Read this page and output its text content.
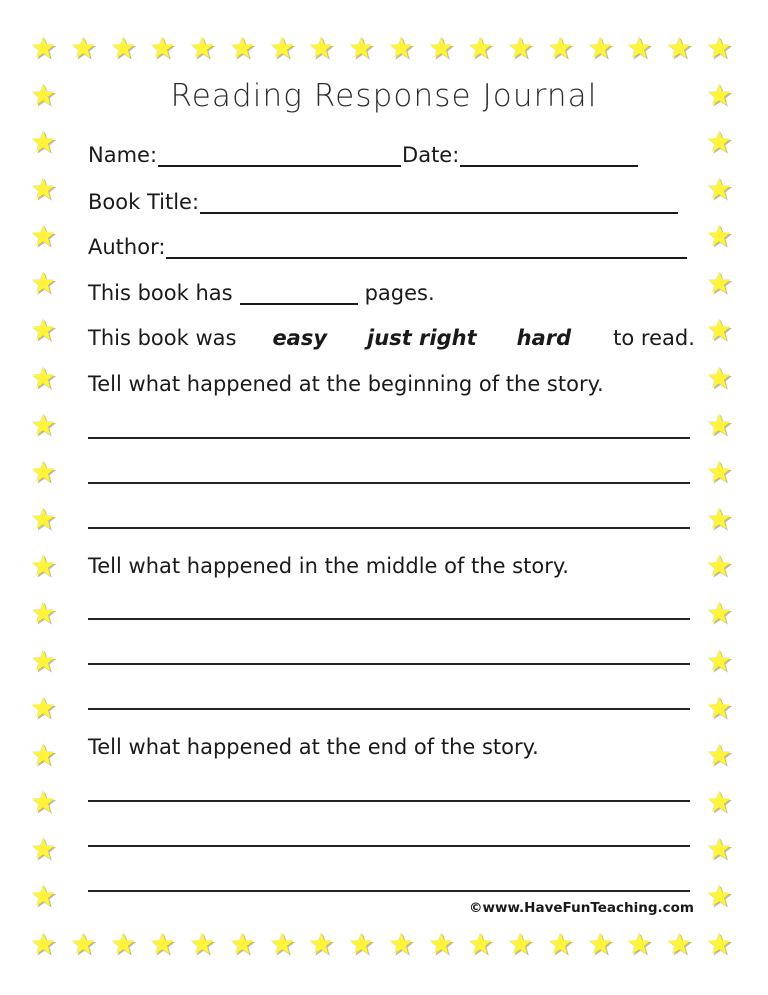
Reading Response Journal
Name:	Date:
Book Title:
Author:
This book has	pages.
This book was easy just right hard to read.
Tell what happened at the beginning of the story.
Tell what happened in the middle of the story.
Tell what happened at the end of the story.
©www.HaveFunTeaching.com
